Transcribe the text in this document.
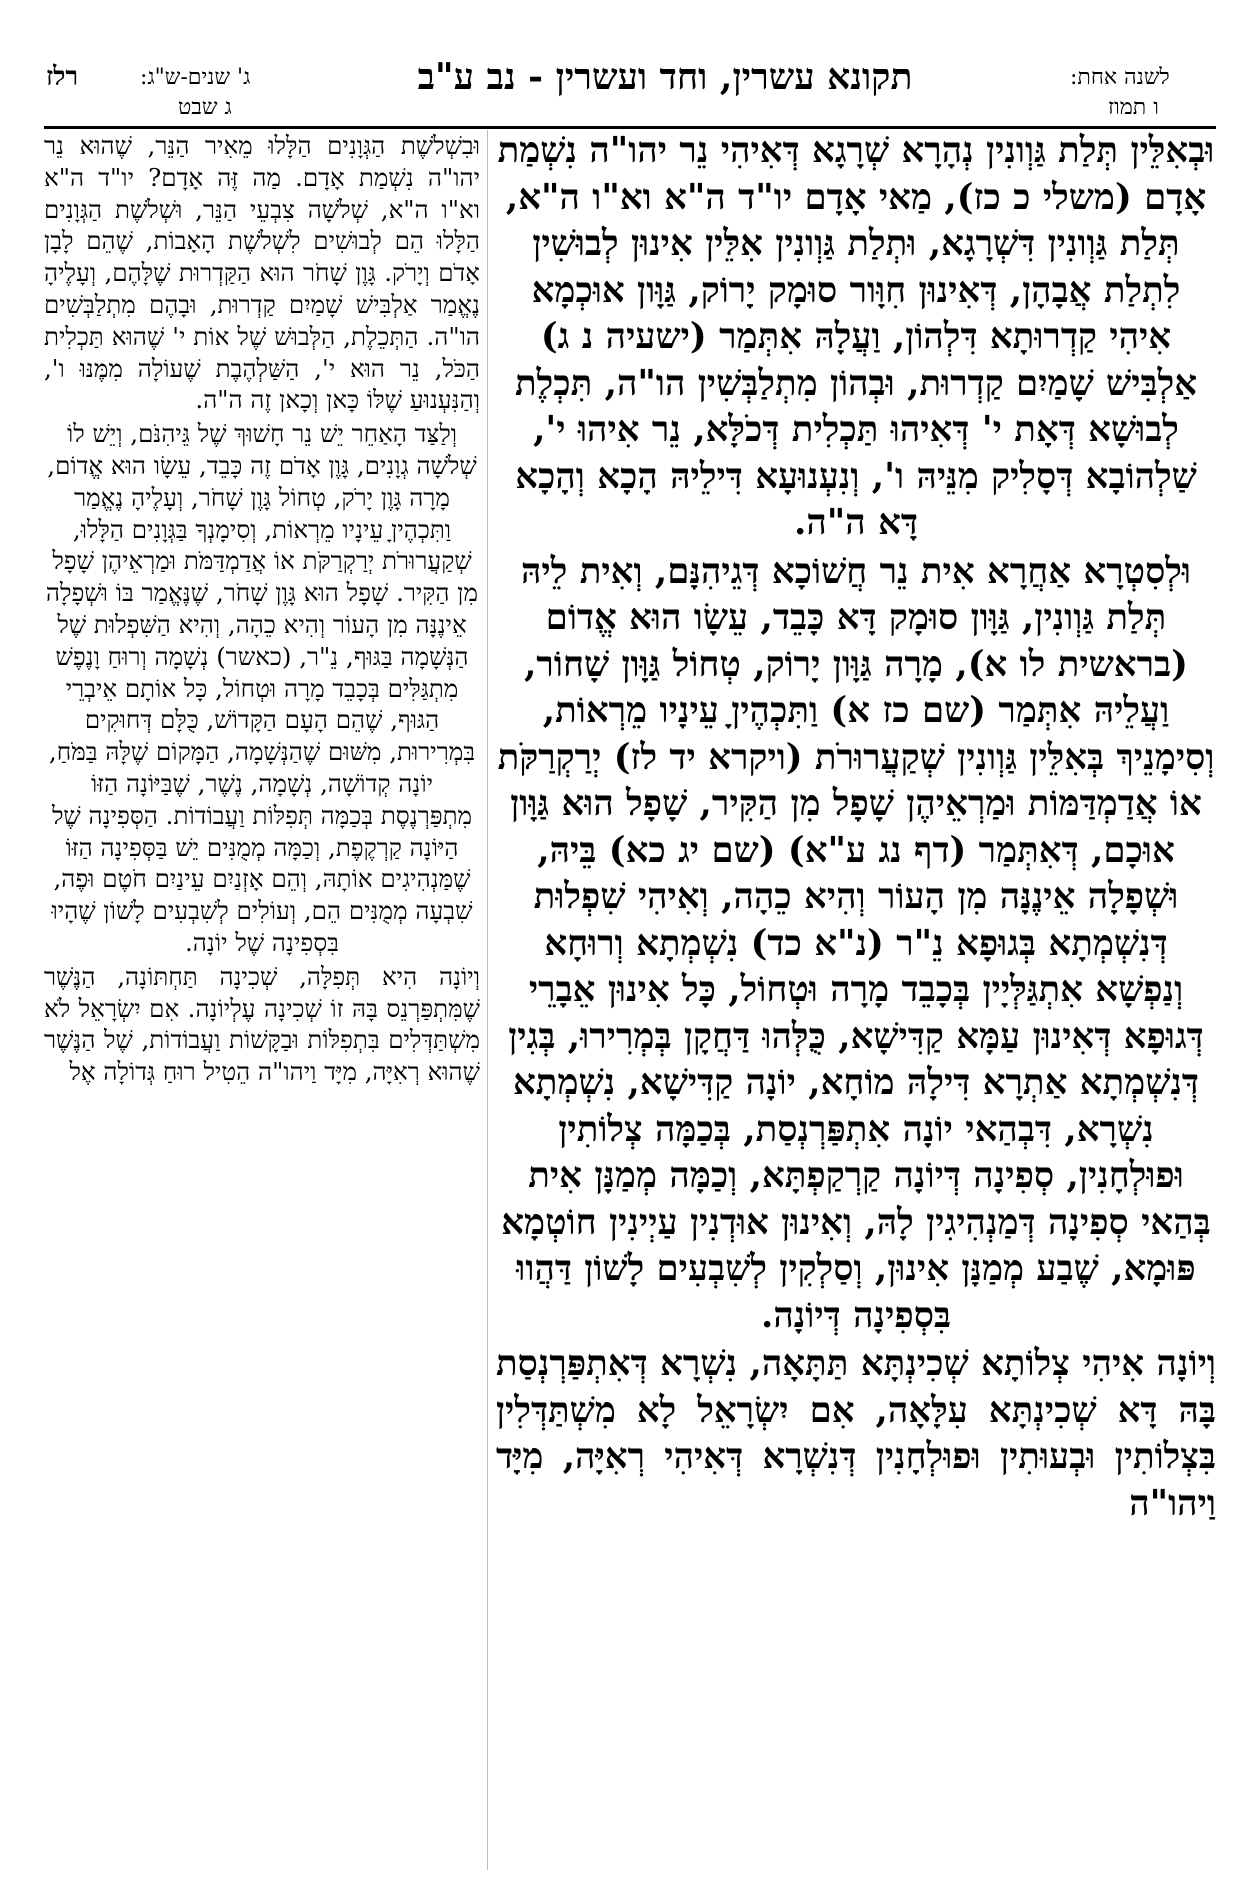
רלז	ג' שנים-ש"ג:
ג שבט
תקונא עשרין, וחד ועשרין - נב ע"ב	לשנה אחת:
ו תמוז

וּבְאִלֵּין תְּלַת גַּוְונִין נְהָרָא שְׁרָגָא דְּאִיהִי נֵר יהו"ה נִשְׁמַת אָדָם (משלי כ כז), מַאי אָדָם יו"ד ה"א וא"ו ה"א, תְּלַת גַּוְונִין דִּשְׁרָגָא, וּתְלַת גַּוְונִין אִלֵּין אִינוּן לְבוּשִׁין לִתְלַת אֲבָהָן, דְּאִינוּן חִוָּור סוּמָק יָרוֹק, גַּוָּון אוּכְמָא אִיהִי קַדְרוּתָא דִּלְהוֹן, וַעֲלָהּ אִתְּמַר (ישעיה נ ג) אַלְבִּישׁ שָׁמַיִם קַדְרוּת, וּבְהוֹן מִתְלַבְּשִׁין הו"ה, תִּכְלֶת לְבוּשָׁא דְּאָת י' דְּאִיהוּ תַּכְלִית דְּכֹלָּא, נֵר אִיהוּ י', שַׁלְהוֹבָא דְּסָלִיק מִנֵּיהּ ו', וְנִעְנוּעָא דִּילֵיהּ הָכָא וְהָכָא דָּא ה"ה.

וּלְסִטְרָא אַחֲרָא אִית נֵר חֲשׁוֹכָא דְּגֵיהִנָּם, וְאִית לֵיהּ תְּלַת גַּוְונִין, גַּוָּון סוּמָק דָּא כָּבֵד, עֵשָׂו הוּא אֱדוֹם (בראשית לו א), מָרָה גַּוָּון יָרוֹק, טְחוֹל גַּוָּון שָׁחוֹר, וַעֲלֵיהּ אִתְּמַר (שם כז א) וַתִּכְהֶיןָ עֵינָיו מֵרְאוֹת, וְסִימָנֵיךְ בְּאִלֵּין גַּוְונִין שְׁקַעֲרוּרֹת (ויקרא יד לז) יְרַקְרַקֹּת אוֹ אֲדַמְדַּמּוֹת וּמַרְאֵיהֶן שָׁפָל מִן הַקִּיר, שָׁפָל הוּא גַּוָּון אוּכָם, דְּאִתְּמַר (דף נג ע"א) (שם יג כא) בֵּיהּ, וּשְׁפָלָה אֵינֶנָּה מִן הָעוֹר וְהִיא כֵהָה, וְאִיהִי שִׁפְלוּת דְּנִשְׁמְתָא בְּגוּפָא נֵ"ר (נ"א כד) נִשְׁמְתָא וְרוּחָא וְנַפְשָׁא אִתְגַּלְּיָין בְּכָבֵד מָרָה וּטְחוֹל, כָּל אִינוּן אֵבָרֵי דְּגוּפָא דְּאִינוּן עַמָּא קַדִּישָׁא, כֻּלְּהוּ דַּחֲקָן בְּמְרִירוּ, בְּגִין דְּנִשְׁמְתָא אַתְרָא דִּילָהּ מוֹחָא, יוֹנָה קַדִּישָׁא, נִשְׁמְתָא נִשְׁרָא, דִּבְהַאי יוֹנָה אִתְפַּרְנְסַת, בְּכַמָּה צְלוֹתִין וּפוּלְחָנִין, סְפִינָה דְּיוֹנָה קַרְקַפְתָּא, וְכַמָּה מְמַנָּן אִית בְּהַאי סְפִינָה דְּמַנְהִיגִין לָהּ, וְאִינוּן אוּדְנִין עַיְינִין חוֹטְמָא פּוּמָא, שֶׁבַע מְמַנָּן אִינוּן, וְסַלְקִין לְשִׁבְעִים לָשׁוֹן דַּהֲווּ בִּסְפִינָה דְּיוֹנָה.

וְיוֹנָה אִיהִי צְלוֹתָא שְׁכִינְתָּא תַּתָּאָה, נִשְׁרָא דְּאִתְפַּרְנְסַת בָּהּ דָּא שְׁכִינְתָּא עִלָּאָה, אִם יִשְׂרָאֵל לָא מִשְׁתַּדְּלִין בִּצְלוֹתִין וּבְעוּתִין וּפוּלְחָנִין דְּנִשְׁרָא דְּאִיהִי רְאִיָּה, מִיָּד וַיהו"ה

וּבִשְׁלֹשֶׁת הַגְּוָנִים הַלָּלוּ מֵאִיר הַנֵּר, שֶׁהוּא נֵר יהו"ה נִשְׁמַת אָדָם. מַה זֶּה אָדָם? יו"ד ה"א וא"ו ה"א, שְׁלֹשָׁה צִבְעֵי הַנֵּר, וּשְׁלֹשֶׁת הַגְּוָנִים הַלָּלוּ הֵם לְבוּשִׁים לִשְׁלֹשֶׁת הָאָבוֹת, שֶׁהֵם לָבָן אָדֹם וְיָרֹק. גָּוֶן שָׁחֹר הוּא הַקַּדְרוּת שֶׁלָּהֶם, וְעָלֶיהָ נֶאֱמַר אַלְבִּישׁ שָׁמַיִם קַדְרוּת, וּבָהֶם מִתְלַבְּשִׁים הו"ה. הַתְּכֵלֶת, הַלְּבוּשׁ שֶׁל אוֹת י' שֶׁהוּא תַּכְלִית הַכֹּל, נֵר הוּא י', הַשַּׁלְהֶבֶת שֶׁעוֹלָה מִמֶּנּוּ ו', וְהַנִּעְנוּעַ שֶׁלּוֹ כָּאן וְכָאן זֶה ה"ה.

וְלַצַּד הָאַחֵר יֵשׁ נֵר חָשׁוּךְ שֶׁל גֵּיהִנֹּם, וְיֵשׁ לוֹ שְׁלֹשָׁה גְוָנִים, גָּוֶן אָדֹם זֶה כָּבֵד, עֵשָׂו הוּא אֱדוֹם, מָרָה גָּוֶן יָרֹק, טְחוֹל גָּוֶן שָׁחֹר, וְעָלֶיהָ נֶאֱמַר וַתִּכְהֶיןָ עֵינָיו מֵרְאוֹת, וְסִימָנְךָ בַּגְּוָנִים הַלָּלוּ, שְׁקַעֲרוּרֹת יְרַקְרַקֹּת אוֹ אֲדַמְדַּמֹּת וּמַרְאֵיהֶן שָׁפָל מִן הַקִּיר. שָׁפָל הוּא גָּוֶן שָׁחֹר, שֶׁנֶּאֱמַר בּוֹ וּשְׁפָלָה אֵינֶנָּה מִן הָעוֹר וְהִיא כֵהָה, וְהִיא הַשִּׁפְלוּת שֶׁל הַנְּשָׁמָה בַּגּוּף, נֵ"ר, (כאשר) נְשָׁמָה וְרוּחַ וָנֶפֶשׁ מִתְגַּלִּים בְּכָבֵד מָרָה וּטְחוֹל, כָּל אוֹתָם אֵיבְרֵי הַגּוּף, שֶׁהֵם הָעָם הַקָּדוֹשׁ, כֻּלָּם דְּחוּקִים בִּמְרִירוּת, מִשּׁוּם שֶׁהַנְּשָׁמָה, הַמָּקוֹם שֶׁלָּהּ בַּמֹּחַ, יוֹנָה קְדוֹשָׁה, נְשָׁמָה, נֶשֶׁר, שֶׁבַּיּוֹנָה הַזּוֹ מִתְפַּרְנֶסֶת בְּכַמָּה תְּפִלּוֹת וַעֲבוֹדוֹת. הַסְּפִינָה שֶׁל הַיּוֹנָה קַרְקֶפֶת, וְכַמָּה מְמֻנִּים יֵשׁ בַּסְּפִינָה הַזּוֹ שֶׁמַּנְהִיגִים אוֹתָהּ, וְהֵם אָזְנַיִם עֵינַיִם חֹטֶם וּפֶה, שִׁבְעָה מְמֻנִּים הֵם, וְעוֹלִים לְשִׁבְעִים לָשׁוֹן שֶׁהָיוּ בִּסְפִינָה שֶׁל יוֹנָה.

וְיוֹנָה הִיא תְּפִלָּה, שְׁכִינָה תַּחְתּוֹנָה, הַנֶּשֶׁר שֶׁמִּתְפַּרְנֵס בָּהּ זוֹ שְׁכִינָה עֶלְיוֹנָה. אִם יִשְׂרָאֵל לֹא מִשְׁתַּדְּלִים בִּתְפִלּוֹת וּבַקָּשׁוֹת וַעֲבוֹדוֹת, שֶׁל הַנֶּשֶׁר שֶׁהוּא רְאִיָּה, מִיָּד וַיהו"ה הֵטִיל רוּחַ גְּדוֹלָה אֶל
